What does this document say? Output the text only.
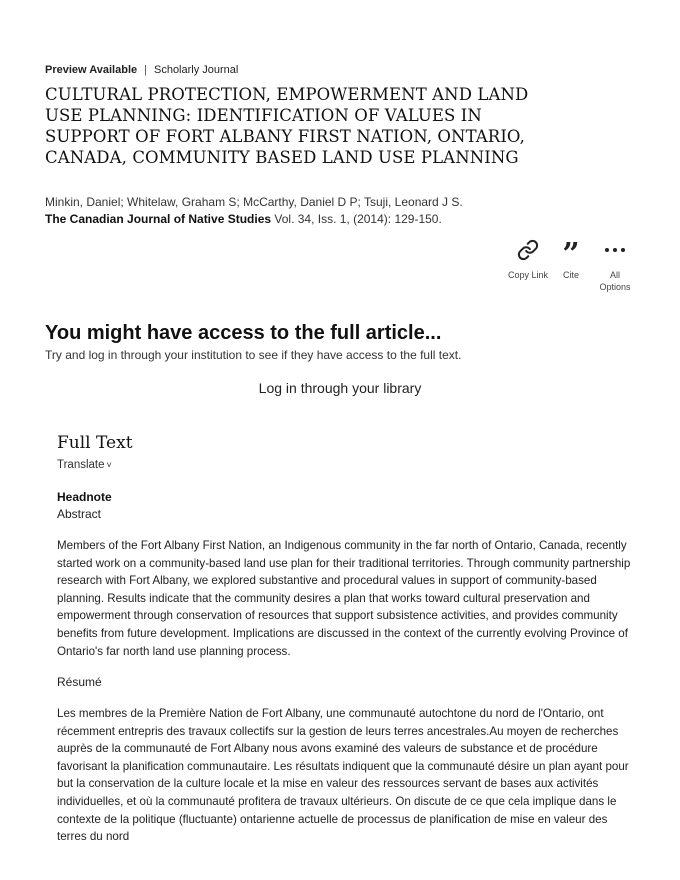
Preview Available | Scholarly Journal
CULTURAL PROTECTION, EMPOWERMENT AND LAND USE PLANNING: IDENTIFICATION OF VALUES IN SUPPORT OF FORT ALBANY FIRST NATION, ONTARIO, CANADA, COMMUNITY BASED LAND USE PLANNING
Minkin, Daniel; Whitelaw, Graham S; McCarthy, Daniel D P; Tsuji, Leonard J S.
The Canadian Journal of Native Studies Vol. 34, Iss. 1, (2014): 129-150.
Copy Link
”
Cite	All
Options
You might have access to the full article...
Try and log in through your institution to see if they have access to the full text.
Log in through your library
Full Text
Translate ˅
Headnote
Abstract

Members of the Fort Albany First Nation, an Indigenous community in the far north of Ontario, Canada, recently started work on a community-based land use plan for their traditional territories. Through community partnership research with Fort Albany, we explored substantive and procedural values in support of community-based planning. Results indicate that the community desires a plan that works toward cultural preservation and empowerment through conservation of resources that support subsistence activities, and provides community benefits from future development. Implications are discussed in the context of the currently evolving Province of Ontario's far north land use planning process.

Résumé

Les membres de la Première Nation de Fort Albany, une communauté autochtone du nord de l'Ontario, ont récemment entrepris des travaux collectifs sur la gestion de leurs terres ancestrales.Au moyen de recherches auprès de la communauté de Fort Albany nous avons examiné des valeurs de substance et de procédure favorisant la planification communautaire. Les résultats indiquent que la communauté désire un plan ayant pour but la conservation de la culture locale et la mise en valeur des ressources servant de bases aux activités individuelles, et où la communauté profitera de travaux ultérieurs. On discute de ce que cela implique dans le contexte de la politique (fluctuante) ontarienne actuelle de processus de planification de mise en valeur des terres du nord
